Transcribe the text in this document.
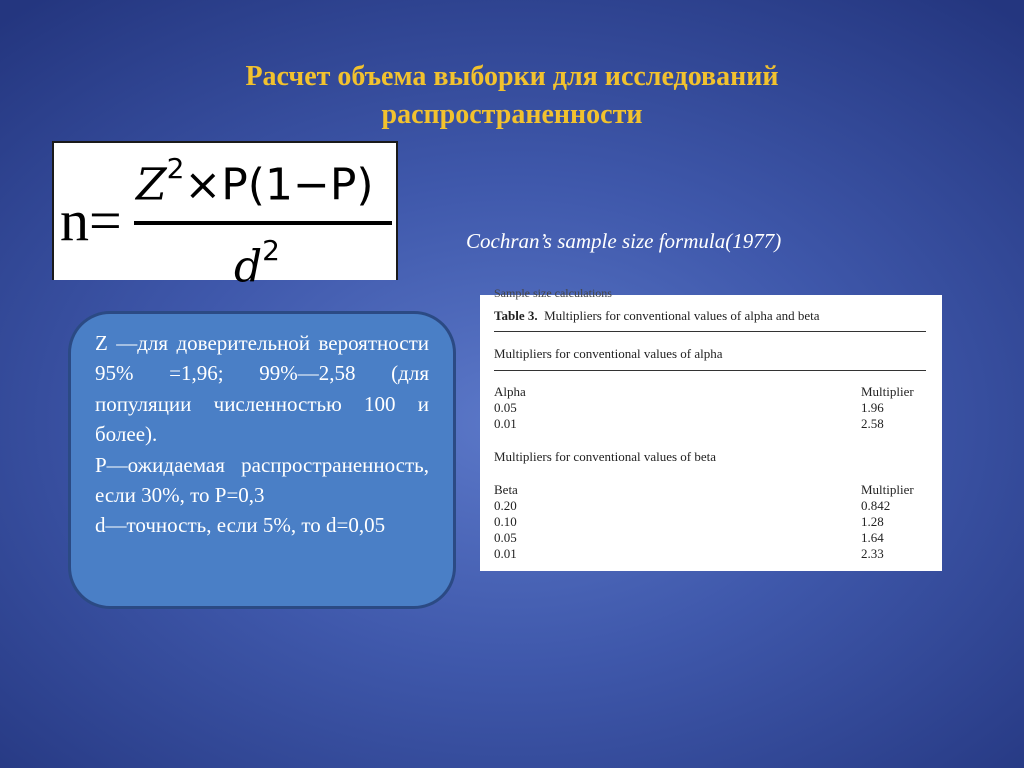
Расчет объема выборки для исследований
распространенности
n=
$Z^2\times P(1-P)$
$d^2$	Cochran’s sample size formula(1977)

Z —для доверительной вероятности 95% =1,96; 99%—2,58 (для популяции численностью 100 и более).

P—ожидаемая распространенность, если 30%, то P=0,3

d—точность, если 5%, то d=0,05

Sample size calculations
Table 3. Multipliers for conventional values of alpha and beta
Multipliers for conventional values of alpha
Alpha	Multiplier
0.05	1.96
0.01	2.58
Multipliers for conventional values of beta
Beta	Multiplier
0.20	0.842
0.10	1.28
0.05	1.64
0.01	2.33
